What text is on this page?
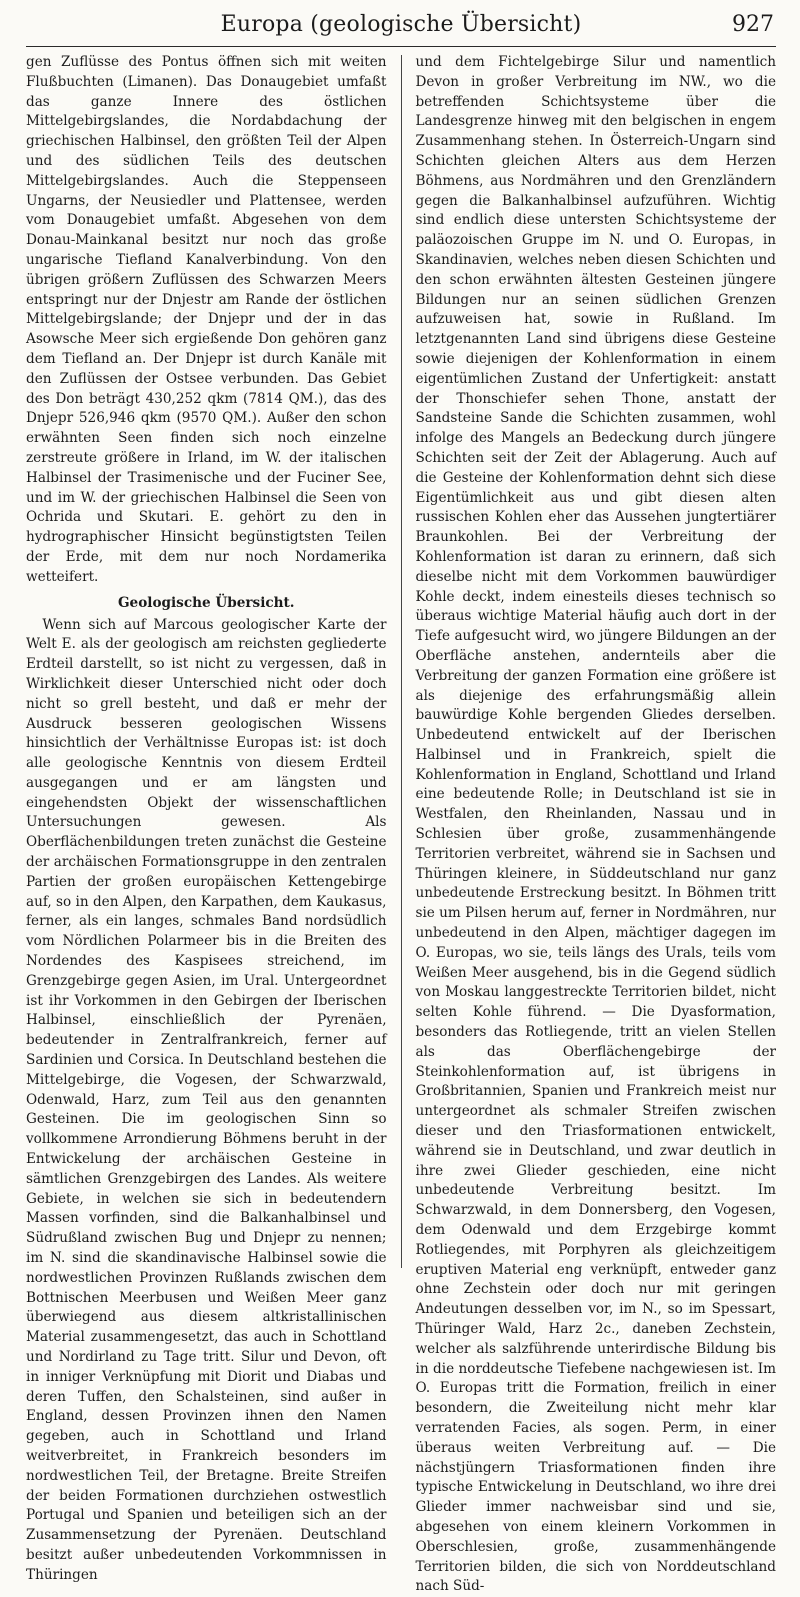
Europa (geologische Übersicht)	927

gen Zuflüsse des Pontus öffnen sich mit weiten Flußbuchten (Limanen). Das Donaugebiet umfaßt das ganze Innere des östlichen Mittelgebirgslandes, die Nordabdachung der griechischen Halbinsel, den größten Teil der Alpen und des südlichen Teils des deutschen Mittelgebirgslandes. Auch die Steppenseen Ungarns, der Neusiedler und Plattensee, werden vom Donaugebiet umfaßt. Abgesehen von dem Donau-Mainkanal besitzt nur noch das große ungarische Tiefland Kanalverbindung. Von den übrigen größern Zuflüssen des Schwarzen Meers entspringt nur der Dnjestr am Rande der östlichen Mittelgebirgslande; der Dnjepr und der in das Asowsche Meer sich ergießende Don gehören ganz dem Tiefland an. Der Dnjepr ist durch Kanäle mit den Zuflüssen der Ostsee verbunden. Das Gebiet des Don beträgt 430,252 qkm (7814 QM.), das des Dnjepr 526,946 qkm (9570 QM.). Außer den schon erwähnten Seen finden sich noch einzelne zerstreute größere in Irland, im W. der italischen Halbinsel der Trasimenische und der Fuciner See, und im W. der griechischen Halbinsel die Seen von Ochrida und Skutari. E. gehört zu den in hydrographischer Hinsicht begünstigtsten Teilen der Erde, mit dem nur noch Nordamerika wetteifert.

Geologische Übersicht.

Wenn sich auf Marcous geologischer Karte der Welt E. als der geologisch am reichsten gegliederte Erdteil darstellt, so ist nicht zu vergessen, daß in Wirklichkeit dieser Unterschied nicht oder doch nicht so grell besteht, und daß er mehr der Ausdruck besseren geologischen Wissens hinsichtlich der Verhältnisse Europas ist: ist doch alle geologische Kenntnis von diesem Erdteil ausgegangen und er am längsten und eingehendsten Objekt der wissenschaftlichen Untersuchungen gewesen. Als Oberflächenbildungen treten zunächst die Gesteine der archäischen Formationsgruppe in den zentralen Partien der großen europäischen Kettengebirge auf, so in den Alpen, den Karpathen, dem Kaukasus, ferner, als ein langes, schmales Band nordsüdlich vom Nördlichen Polarmeer bis in die Breiten des Nordendes des Kaspisees streichend, im Grenzgebirge gegen Asien, im Ural. Untergeordnet ist ihr Vorkommen in den Gebirgen der Iberischen Halbinsel, einschließlich der Pyrenäen, bedeutender in Zentralfrankreich, ferner auf Sardinien und Corsica. In Deutschland bestehen die Mittelgebirge, die Vogesen, der Schwarzwald, Odenwald, Harz, zum Teil aus den genannten Gesteinen. Die im geologischen Sinn so vollkommene Arrondierung Böhmens beruht in der Entwickelung der archäischen Gesteine in sämtlichen Grenzgebirgen des Landes. Als weitere Gebiete, in welchen sie sich in bedeutendern Massen vorfinden, sind die Balkanhalbinsel und Südrußland zwischen Bug und Dnjepr zu nennen; im N. sind die skandinavische Halbinsel sowie die nordwestlichen Provinzen Rußlands zwischen dem Bottnischen Meerbusen und Weißen Meer ganz überwiegend aus diesem altkristallinischen Material zusammengesetzt, das auch in Schottland und Nordirland zu Tage tritt. Silur und Devon, oft in inniger Verknüpfung mit Diorit und Diabas und deren Tuffen, den Schalsteinen, sind außer in England, dessen Provinzen ihnen den Namen gegeben, auch in Schottland und Irland weitverbreitet, in Frankreich besonders im nordwestlichen Teil, der Bretagne. Breite Streifen der beiden Formationen durchziehen ostwestlich Portugal und Spanien und beteiligen sich an der Zusammensetzung der Pyrenäen. Deutschland besitzt außer unbedeutenden Vorkommnissen in Thüringen

und dem Fichtelgebirge Silur und namentlich Devon in großer Verbreitung im NW., wo die betreffenden Schichtsysteme über die Landesgrenze hinweg mit den belgischen in engem Zusammenhang stehen. In Österreich-Ungarn sind Schichten gleichen Alters aus dem Herzen Böhmens, aus Nordmähren und den Grenzländern gegen die Balkanhalbinsel aufzuführen. Wichtig sind endlich diese untersten Schichtsysteme der paläozoischen Gruppe im N. und O. Europas, in Skandinavien, welches neben diesen Schichten und den schon erwähnten ältesten Gesteinen jüngere Bildungen nur an seinen südlichen Grenzen aufzuweisen hat, sowie in Rußland. Im letztgenannten Land sind übrigens diese Gesteine sowie diejenigen der Kohlenformation in einem eigentümlichen Zustand der Unfertigkeit: anstatt der Thonschiefer sehen Thone, anstatt der Sandsteine Sande die Schichten zusammen, wohl infolge des Mangels an Bedeckung durch jüngere Schichten seit der Zeit der Ablagerung. Auch auf die Gesteine der Kohlenformation dehnt sich diese Eigentümlichkeit aus und gibt diesen alten russischen Kohlen eher das Aussehen jungtertiärer Braunkohlen. Bei der Verbreitung der Kohlenformation ist daran zu erinnern, daß sich dieselbe nicht mit dem Vorkommen bauwürdiger Kohle deckt, indem einesteils dieses technisch so überaus wichtige Material häufig auch dort in der Tiefe aufgesucht wird, wo jüngere Bildungen an der Oberfläche anstehen, andernteils aber die Verbreitung der ganzen Formation eine größere ist als diejenige des erfahrungsmäßig allein bauwürdige Kohle bergenden Gliedes derselben. Unbedeutend entwickelt auf der Iberischen Halbinsel und in Frankreich, spielt die Kohlenformation in England, Schottland und Irland eine bedeutende Rolle; in Deutschland ist sie in Westfalen, den Rheinlanden, Nassau und in Schlesien über große, zusammenhängende Territorien verbreitet, während sie in Sachsen und Thüringen kleinere, in Süddeutschland nur ganz unbedeutende Erstreckung besitzt. In Böhmen tritt sie um Pilsen herum auf, ferner in Nordmähren, nur unbedeutend in den Alpen, mächtiger dagegen im O. Europas, wo sie, teils längs des Urals, teils vom Weißen Meer ausgehend, bis in die Gegend südlich von Moskau langgestreckte Territorien bildet, nicht selten Kohle führend. — Die Dyasformation, besonders das Rotliegende, tritt an vielen Stellen als das Oberflächengebirge der Steinkohlenformation auf, ist übrigens in Großbritannien, Spanien und Frankreich meist nur untergeordnet als schmaler Streifen zwischen dieser und den Triasformationen entwickelt, während sie in Deutschland, und zwar deutlich in ihre zwei Glieder geschieden, eine nicht unbedeutende Verbreitung besitzt. Im Schwarzwald, in dem Donnersberg, den Vogesen, dem Odenwald und dem Erzgebirge kommt Rotliegendes, mit Porphyren als gleichzeitigem eruptiven Material eng verknüpft, entweder ganz ohne Zechstein oder doch nur mit geringen Andeutungen desselben vor, im N., so im Spessart, Thüringer Wald, Harz 2c., daneben Zechstein, welcher als salzführende unterirdische Bildung bis in die norddeutsche Tiefebene nachgewiesen ist. Im O. Europas tritt die Formation, freilich in einer besondern, die Zweiteilung nicht mehr klar verratenden Facies, als sogen. Perm, in einer überaus weiten Verbreitung auf. — Die nächstjüngern Triasformationen finden ihre typische Entwickelung in Deutschland, wo ihre drei Glieder immer nachweisbar sind und sie, abgesehen von einem kleinern Vorkommen in Oberschlesien, große, zusammenhängende Territorien bilden, die sich von Norddeutschland nach Süd-
